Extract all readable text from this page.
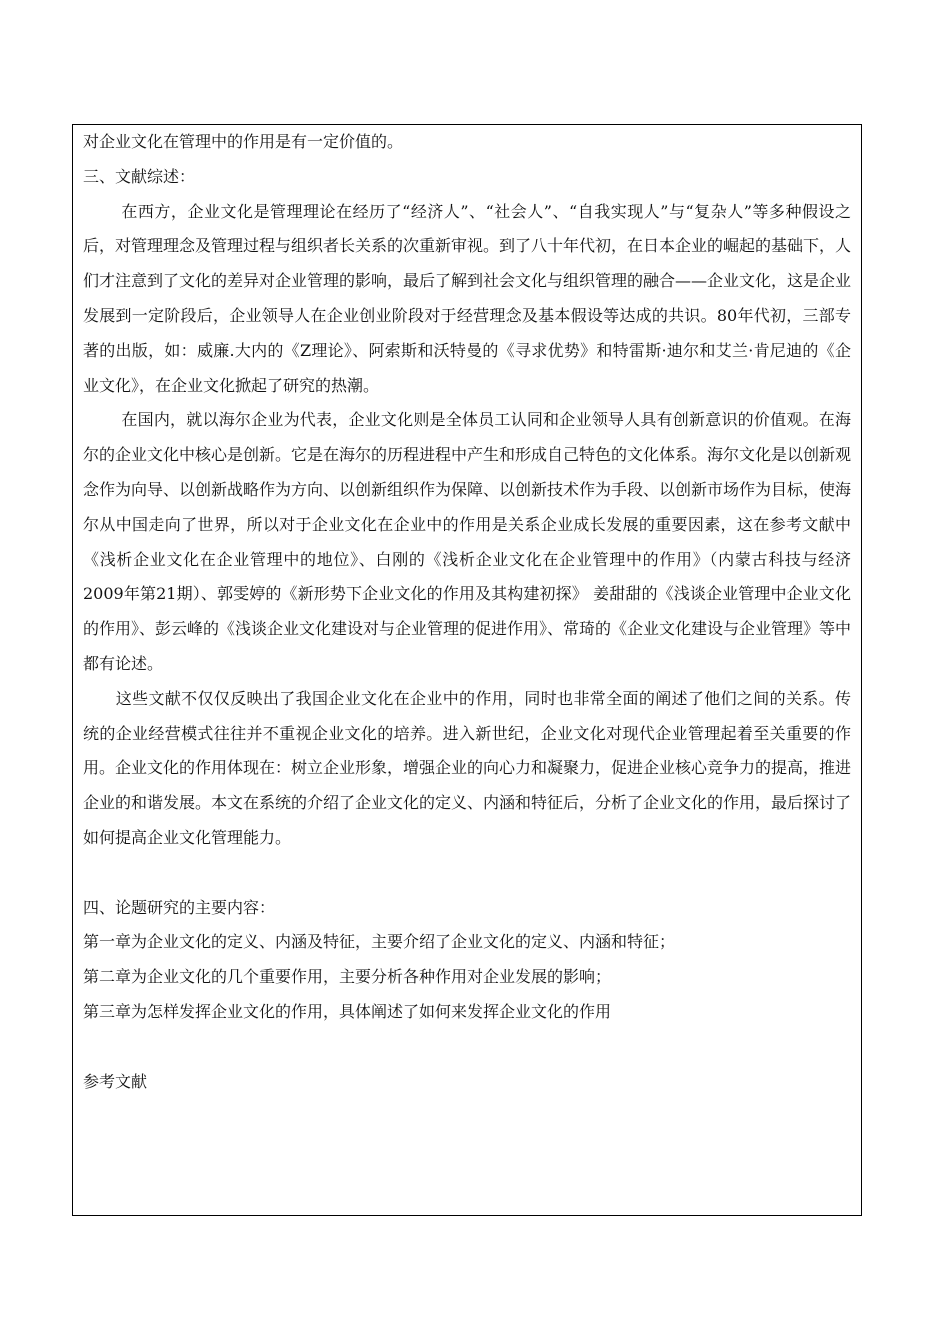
对企业文化在管理中的作用是有一定价值的。

三、文献综述：

在西方，企业文化是管理理论在经历了“经济人”、“社会人”、“自我实现人”与“复杂人”等多种假设之后，对管理理念及管理过程与组织者长关系的次重新审视。到了八十年代初，在日本企业的崛起的基础下，人们才注意到了文化的差异对企业管理的影响，最后了解到社会文化与组织管理的融合——企业文化，这是企业发展到一定阶段后，企业领导人在企业创业阶段对于经营理念及基本假设等达成的共识。80年代初，三部专著的出版，如：威廉.大内的《Z理论》、阿索斯和沃特曼的《寻求优势》和特雷斯·迪尔和艾兰·肯尼迪的《企业文化》，在企业文化掀起了研究的热潮。

在国内，就以海尔企业为代表，企业文化则是全体员工认同和企业领导人具有创新意识的价值观。在海尔的企业文化中核心是创新。它是在海尔的历程进程中产生和形成自己特色的文化体系。海尔文化是以创新观念作为向导、以创新战略作为方向、以创新组织作为保障、以创新技术作为手段、以创新市场作为目标，使海尔从中国走向了世界，所以对于企业文化在企业中的作用是关系企业成长发展的重要因素，这在参考文献中《浅析企业文化在企业管理中的地位》、白刚的《浅析企业文化在企业管理中的作用》（内蒙古科技与经济2009年第21期）、郭雯婷的《新形势下企业文化的作用及其构建初探》 姜甜甜的《浅谈企业管理中企业文化的作用》、彭云峰的《浅谈企业文化建设对与企业管理的促进作用》、常琦的《企业文化建设与企业管理》等中都有论述。

这些文献不仅仅反映出了我国企业文化在企业中的作用，同时也非常全面的阐述了他们之间的关系。传统的企业经营模式往往并不重视企业文化的培养。进入新世纪，企业文化对现代企业管理起着至关重要的作用。企业文化的作用体现在：树立企业形象，增强企业的向心力和凝聚力，促进企业核心竞争力的提高，推进企业的和谐发展。本文在系统的介绍了企业文化的定义、内涵和特征后，分析了企业文化的作用，最后探讨了如何提高企业文化管理能力。

四、论题研究的主要内容：

第一章为企业文化的定义、内涵及特征，主要介绍了企业文化的定义、内涵和特征；

第二章为企业文化的几个重要作用，主要分析各种作用对企业发展的影响；

第三章为怎样发挥企业文化的作用，具体阐述了如何来发挥企业文化的作用

参考文献
